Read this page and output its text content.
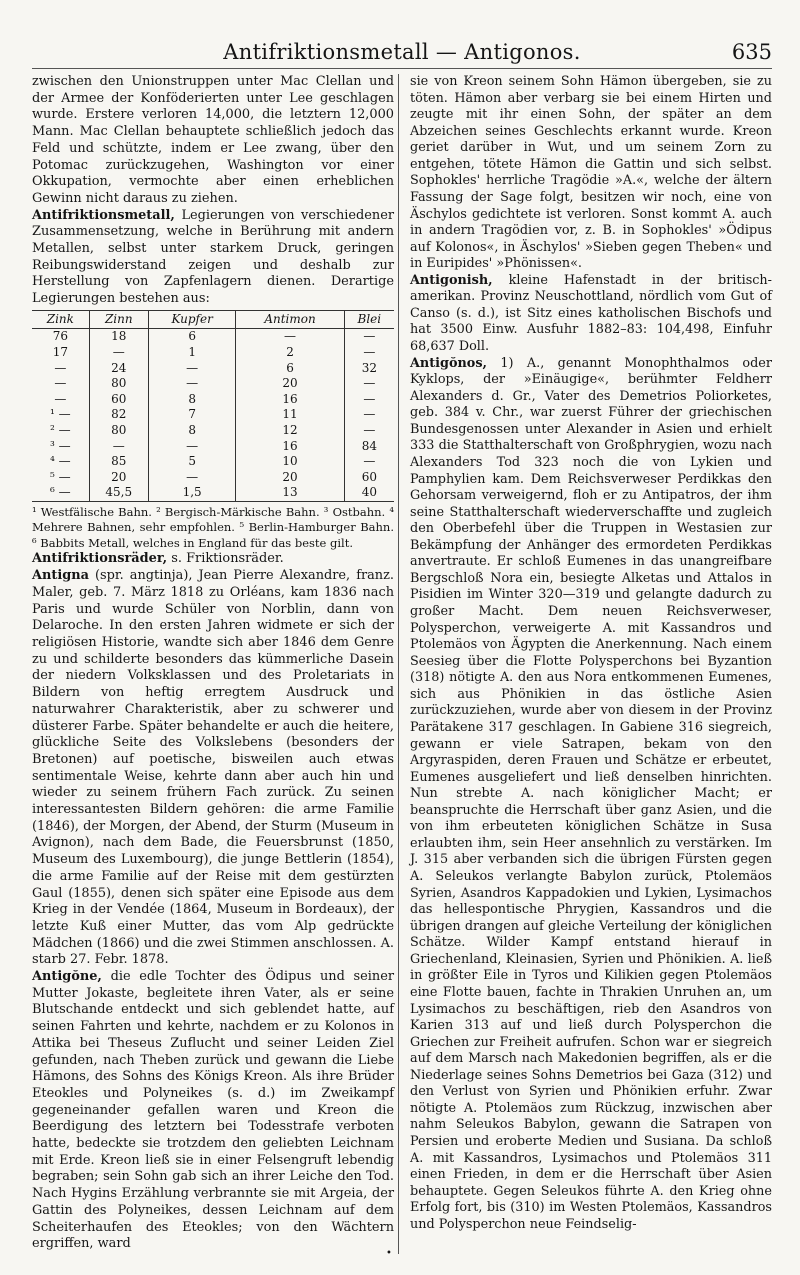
Antifriktionsmetall — Antigonos.	635

zwischen den Unionstruppen unter Mac Clellan und der Armee der Konföderierten unter Lee geschlagen wurde. Erstere verloren 14,000, die letztern 12,000 Mann. Mac Clellan behauptete schließlich jedoch das Feld und schützte, indem er Lee zwang, über den Potomac zurückzugehen, Washington vor einer Okkupation, vermochte aber einen erheblichen Gewinn nicht daraus zu ziehen.

Antifriktionsmetall, Legierungen von verschiedener Zusammensetzung, welche in Berührung mit andern Metallen, selbst unter starkem Druck, geringen Reibungswiderstand zeigen und deshalb zur Herstellung von Zapfenlagern dienen. Derartige Legierungen bestehen aus:

Zink	Zinn	Kupfer	Antimon	Blei
76	18	6	—	—
17	—	1	2	—
—	24	—	6	32
—	80	—	20	—
—	60	8	16	—
¹ —	82	7	11	—
² —	80	8	12	—
³ —	—	—	16	84
⁴ —	85	5	10	—
⁵ —	20	—	20	60
⁶ —	45,5	1,5	13	40

¹ Westfälische Bahn. ² Bergisch-Märkische Bahn. ³ Ostbahn. ⁴ Mehrere Bahnen, sehr empfohlen. ⁵ Berlin-Hamburger Bahn. ⁶ Babbits Metall, welches in England für das beste gilt.

Antifriktionsräder, s. Friktionsräder.

Antigna (spr. angtinja), Jean Pierre Alexandre, franz. Maler, geb. 7. März 1818 zu Orléans, kam 1836 nach Paris und wurde Schüler von Norblin, dann von Delaroche. In den ersten Jahren widmete er sich der religiösen Historie, wandte sich aber 1846 dem Genre zu und schilderte besonders das kümmerliche Dasein der niedern Volksklassen und des Proletariats in Bildern von heftig erregtem Ausdruck und naturwahrer Charakteristik, aber zu schwerer und düsterer Farbe. Später behandelte er auch die heitere, glückliche Seite des Volkslebens (besonders der Bretonen) auf poetische, bisweilen auch etwas sentimentale Weise, kehrte dann aber auch hin und wieder zu seinem frühern Fach zurück. Zu seinen interessantesten Bildern gehören: die arme Familie (1846), der Morgen, der Abend, der Sturm (Museum in Avignon), nach dem Bade, die Feuersbrunst (1850, Museum des Luxembourg), die junge Bettlerin (1854), die arme Familie auf der Reise mit dem gestürzten Gaul (1855), denen sich später eine Episode aus dem Krieg in der Vendée (1864, Museum in Bordeaux), der letzte Kuß einer Mutter, das vom Alp gedrückte Mädchen (1866) und die zwei Stimmen anschlossen. A. starb 27. Febr. 1878.

Antigŏne, die edle Tochter des Ödipus und seiner Mutter Jokaste, begleitete ihren Vater, als er seine Blutschande entdeckt und sich geblendet hatte, auf seinen Fahrten und kehrte, nachdem er zu Kolonos in Attika bei Theseus Zuflucht und seiner Leiden Ziel gefunden, nach Theben zurück und gewann die Liebe Hämons, des Sohns des Königs Kreon. Als ihre Brüder Eteokles und Polyneikes (s. d.) im Zweikampf gegeneinander gefallen waren und Kreon die Beerdigung des letztern bei Todesstrafe verboten hatte, bedeckte sie trotzdem den geliebten Leichnam mit Erde. Kreon ließ sie in einer Felsengruft lebendig begraben; sein Sohn gab sich an ihrer Leiche den Tod. Nach Hygins Erzählung verbrannte sie mit Argeia, der Gattin des Polyneikes, dessen Leichnam auf dem Scheiterhaufen des Eteokles; von den Wächtern ergriffen, ward

sie von Kreon seinem Sohn Hämon übergeben, sie zu töten. Hämon aber verbarg sie bei einem Hirten und zeugte mit ihr einen Sohn, der später an dem Abzeichen seines Geschlechts erkannt wurde. Kreon geriet darüber in Wut, und um seinem Zorn zu entgehen, tötete Hämon die Gattin und sich selbst. Sophokles' herrliche Tragödie »A.«, welche der ältern Fassung der Sage folgt, besitzen wir noch, eine von Äschylos gedichtete ist verloren. Sonst kommt A. auch in andern Tragödien vor, z. B. in Sophokles' »Ödipus auf Kolonos«, in Äschylos' »Sieben gegen Theben« und in Euripides' »Phönissen«.

Antigonish, kleine Hafenstadt in der britisch-amerikan. Provinz Neuschottland, nördlich vom Gut of Canso (s. d.), ist Sitz eines katholischen Bischofs und hat 3500 Einw. Ausfuhr 1882–83: 104,498, Einfuhr 68,637 Doll.

Antigŏnos, 1) A., genannt Monophthalmos oder Kyklops, der »Einäugige«, berühmter Feldherr Alexanders d. Gr., Vater des Demetrios Poliorketes, geb. 384 v. Chr., war zuerst Führer der griechischen Bundesgenossen unter Alexander in Asien und erhielt 333 die Statthalterschaft von Großphrygien, wozu nach Alexanders Tod 323 noch die von Lykien und Pamphylien kam. Dem Reichsverweser Perdikkas den Gehorsam verweigernd, floh er zu Antipatros, der ihm seine Statthalterschaft wiederverschaffte und zugleich den Oberbefehl über die Truppen in Westasien zur Bekämpfung der Anhänger des ermordeten Perdikkas anvertraute. Er schloß Eumenes in das unangreifbare Bergschloß Nora ein, besiegte Alketas und Attalos in Pisidien im Winter 320—319 und gelangte dadurch zu großer Macht. Dem neuen Reichsverweser, Polysperchon, verweigerte A. mit Kassandros und Ptolemäos von Ägypten die Anerkennung. Nach einem Seesieg über die Flotte Polysperchons bei Byzantion (318) nötigte A. den aus Nora entkommenen Eumenes, sich aus Phönikien in das östliche Asien zurückzuziehen, wurde aber von diesem in der Provinz Parätakene 317 geschlagen. In Gabiene 316 siegreich, gewann er viele Satrapen, bekam von den Argyraspiden, deren Frauen und Schätze er erbeutet, Eumenes ausgeliefert und ließ denselben hinrichten. Nun strebte A. nach königlicher Macht; er beanspruchte die Herrschaft über ganz Asien, und die von ihm erbeuteten königlichen Schätze in Susa erlaubten ihm, sein Heer ansehnlich zu verstärken. Im J. 315 aber verbanden sich die übrigen Fürsten gegen A. Seleukos verlangte Babylon zurück, Ptolemäos Syrien, Asandros Kappadokien und Lykien, Lysimachos das hellespontische Phrygien, Kassandros und die übrigen drangen auf gleiche Verteilung der königlichen Schätze. Wilder Kampf entstand hierauf in Griechenland, Kleinasien, Syrien und Phönikien. A. ließ in größter Eile in Tyros und Kilikien gegen Ptolemäos eine Flotte bauen, fachte in Thrakien Unruhen an, um Lysimachos zu beschäftigen, rieb den Asandros von Karien 313 auf und ließ durch Polysperchon die Griechen zur Freiheit aufrufen. Schon war er siegreich auf dem Marsch nach Makedonien begriffen, als er die Niederlage seines Sohns Demetrios bei Gaza (312) und den Verlust von Syrien und Phönikien erfuhr. Zwar nötigte A. Ptolemäos zum Rückzug, inzwischen aber nahm Seleukos Babylon, gewann die Satrapen von Persien und eroberte Medien und Susiana. Da schloß A. mit Kassandros, Lysimachos und Ptolemäos 311 einen Frieden, in dem er die Herrschaft über Asien behauptete. Gegen Seleukos führte A. den Krieg ohne Erfolg fort, bis (310) im Westen Ptolemäos, Kassandros und Polysperchon neue Feindselig-

•
